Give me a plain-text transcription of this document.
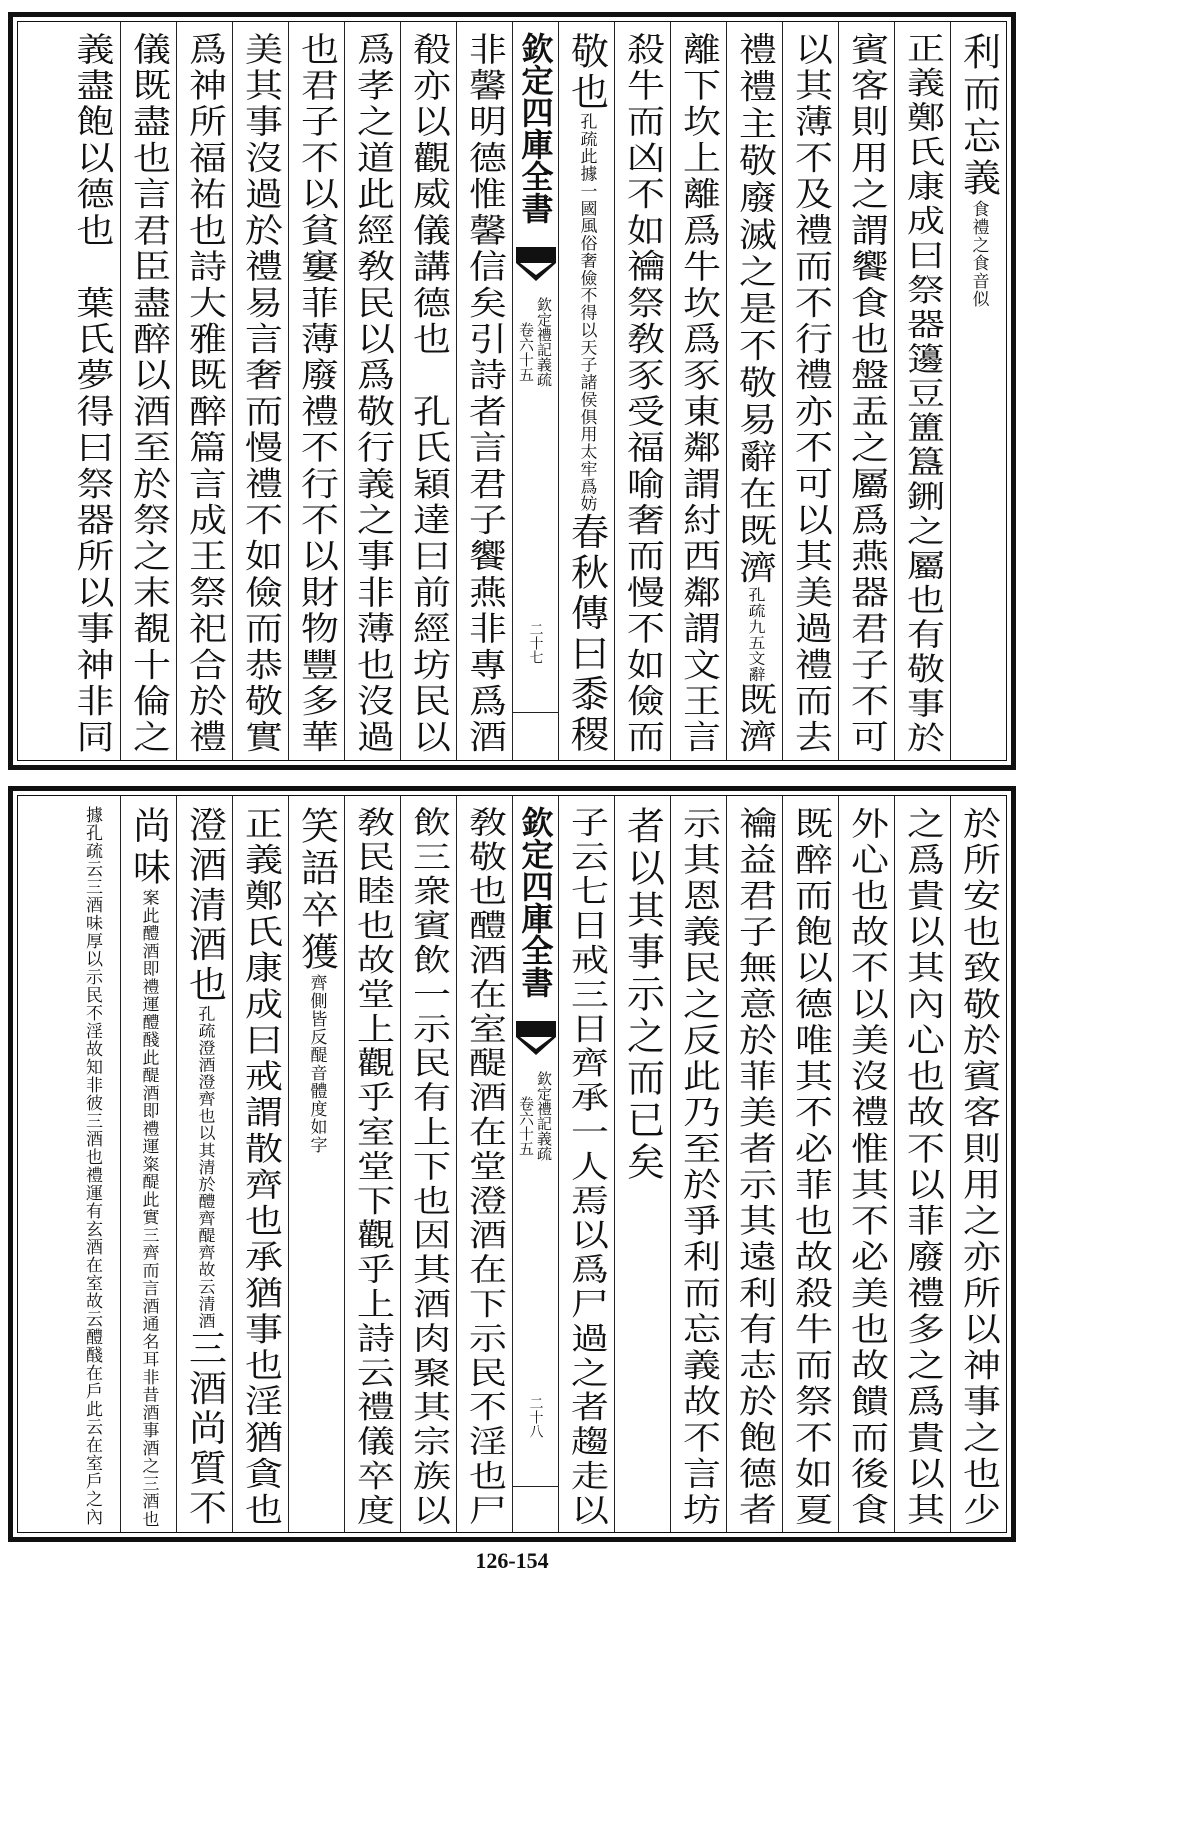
利而忘義食禮之食音似
正義鄭氏康成曰祭器籩豆簠簋鉶之屬也有敬事於
賓客則用之謂饗食也盤盂之屬爲燕器君子不可
以其薄不及禮而不行禮亦不可以其美過禮而去
禮禮主敬廢滅之是不敬易辭在既濟孔疏九五文辭既濟
離下坎上離爲牛坎爲豕東鄰謂紂西鄰謂文王言
殺牛而凶不如禴祭敎豕受福喻奢而慢不如儉而
敬也孔疏此據一國風俗奢儉不得以天子諸侯俱用太牢爲妨春秋傳曰黍稷
欽定四庫全書
欽定禮記義疏
卷六十五
二十七
非馨明德惟馨信矣引詩者言君子饗燕非專爲酒
殽亦以觀威儀講德也　孔氏穎達曰前經坊民以
爲孝之道此經敎民以爲敬行義之事非薄也沒過
也君子不以貧窶菲薄廢禮不行不以財物豐多華
美其事沒過於禮易言奢而慢禮不如儉而恭敬實
爲神所福祐也詩大雅既醉篇言成王祭祀合於禮
儀既盡也言君臣盡醉以酒至於祭之末覩十倫之
義盡飽以德也　葉氏夢得曰祭器所以事神非同
於所安也致敬於賓客則用之亦所以神事之也少
之爲貴以其內心也故不以菲廢禮多之爲貴以其
外心也故不以美沒禮惟其不必美也故饋而後食
既醉而飽以德唯其不必菲也故殺牛而祭不如夏
禴益君子無意於菲美者示其遠利有志於飽德者
示其恩義民之反此乃至於爭利而忘義故不言坊
者以其事示之而已矣
子云七日戒三日齊承一人焉以爲尸過之者趨走以
欽定四庫全書
欽定禮記義疏
卷六十五
二十八
敎敬也醴酒在室醍酒在堂澄酒在下示民不淫也尸
飲三衆賓飲一示民有上下也因其酒肉聚其宗族以
敎民睦也故堂上觀乎室堂下觀乎上詩云禮儀卒度
笑語卒獲齊側皆反醍音體度如字
正義鄭氏康成曰戒謂散齊也承猶事也淫猶貪也
澄酒清酒也孔疏澄酒澄齊也以其清於醴齊醍齊故云清酒三酒尚質不
尚味案此醴酒即禮運醴醆此醍酒即禮運粢醍此實三齊而言酒通名耳非昔酒事酒之三酒也
據孔疏云三酒味厚以示民不淫故知非彼三酒也禮運有玄酒在室故云醴醆在戶此云在室戶之內
126-154
